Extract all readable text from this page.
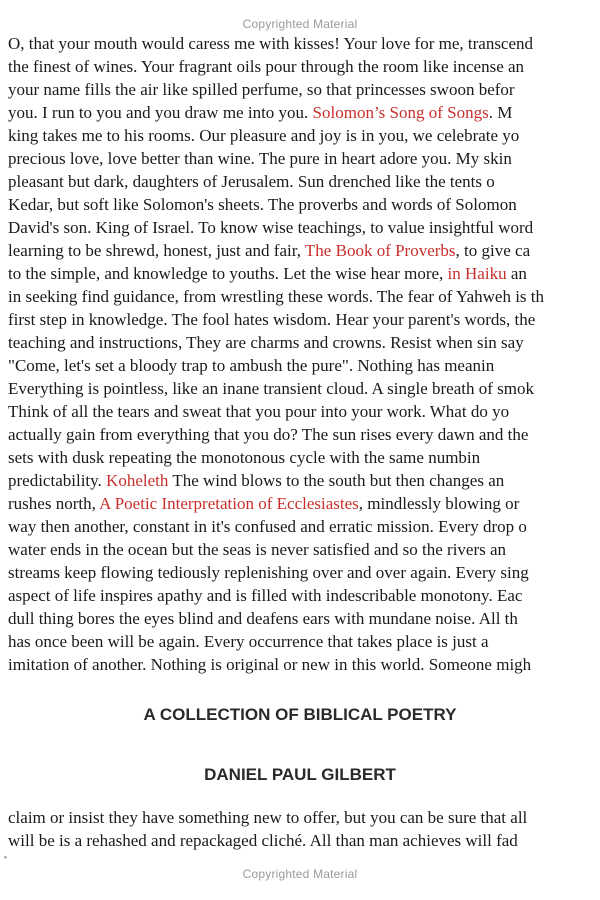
Copyrighted Material
O, that your mouth would caress me with kisses! Your love for me, transcend
the finest of wines. Your fragrant oils pour through the room like incense an
your name fills the air like spilled perfume, so that princesses swoon befor
you. I run to you and you draw me into you. Solomon’s Song of Songs. M
king takes me to his rooms. Our pleasure and joy is in you, we celebrate yo
precious love, love better than wine. The pure in heart adore you. My skin
pleasant but dark, daughters of Jerusalem. Sun drenched like the tents o
Kedar, but soft like Solomon's sheets. The proverbs and words of Solomon
David's son. King of Israel. To know wise teachings, to value insightful word
learning to be shrewd, honest, just and fair, The Book of Proverbs, to give ca
to the simple, and knowledge to youths. Let the wise hear more, in Haiku an
in seeking find guidance, from wrestling these words. The fear of Yahweh is th
first step in knowledge. The fool hates wisdom. Hear your parent's words, the
teaching and instructions, They are charms and crowns. Resist when sin say
"Come, let's set a bloody trap to ambush the pure". Nothing has meanin
Everything is pointless, like an inane transient cloud. A single breath of smok
Think of all the tears and sweat that you pour into your work. What do yo
actually gain from everything that you do? The sun rises every dawn and the
sets with dusk repeating the monotonous cycle with the same numbin
predictability. Koheleth The wind blows to the south but then changes an
rushes north, A Poetic Interpretation of Ecclesiastes, mindlessly blowing or
way then another, constant in it's confused and erratic mission. Every drop o
water ends in the ocean but the seas is never satisfied and so the rivers an
streams keep flowing tediously replenishing over and over again. Every sing
aspect of life inspires apathy and is filled with indescribable monotony. Eac
dull thing bores the eyes blind and deafens ears with mundane noise. All th
has once been will be again. Every occurrence that takes place is just a
imitation of another. Nothing is original or new in this world. Someone migh
A COLLECTION OF BIBLICAL POETRY
DANIEL PAUL GILBERT
claim or insist they have something new to offer, but you can be sure that all
will be is a rehashed and repackaged cliché. All than man achieves will fad
•
Copyrighted Material
